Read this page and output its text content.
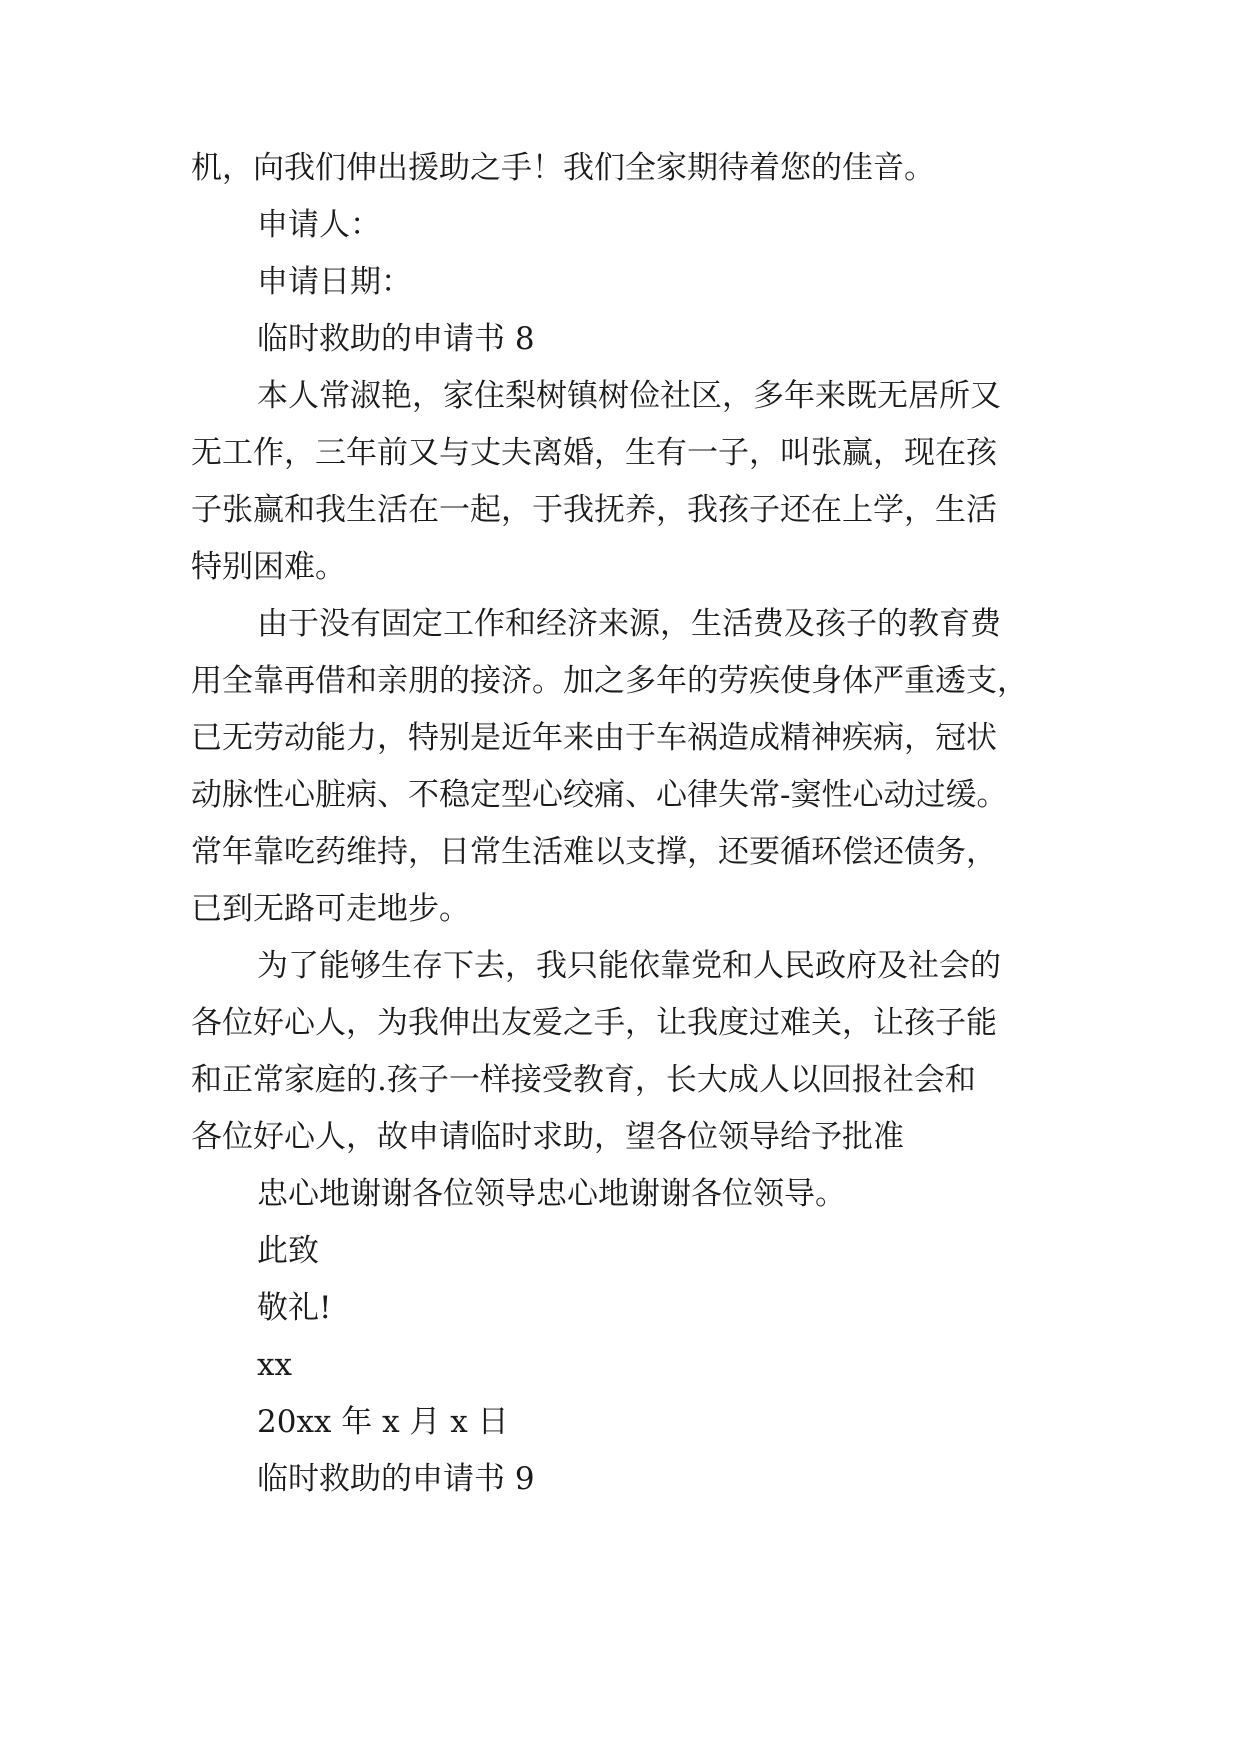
机，向我们伸出援助之手！我们全家期待着您的佳音。
申请人：
申请日期：
临时救助的申请书 8
本人常淑艳，家住梨树镇树俭社区，多年来既无居所又
无工作，三年前又与丈夫离婚，生有一子，叫张赢，现在孩
子张赢和我生活在一起，于我抚养，我孩子还在上学，生活
特别困难。
由于没有固定工作和经济来源，生活费及孩子的教育费
用全靠再借和亲朋的接济。加之多年的劳疾使身体严重透支，
已无劳动能力，特别是近年来由于车祸造成精神疾病，冠状
动脉性心脏病、不稳定型心绞痛、心律失常-窦性心动过缓。
常年靠吃药维持，日常生活难以支撑，还要循环偿还债务，
已到无路可走地步。
为了能够生存下去，我只能依靠党和人民政府及社会的
各位好心人，为我伸出友爱之手，让我度过难关，让孩子能
和正常家庭的.孩子一样接受教育，长大成人以回报社会和
各位好心人，故申请临时求助，望各位领导给予批准
忠心地谢谢各位领导忠心地谢谢各位领导。
此致
敬礼!
xx
20xx 年 x 月 x 日
临时救助的申请书 9
